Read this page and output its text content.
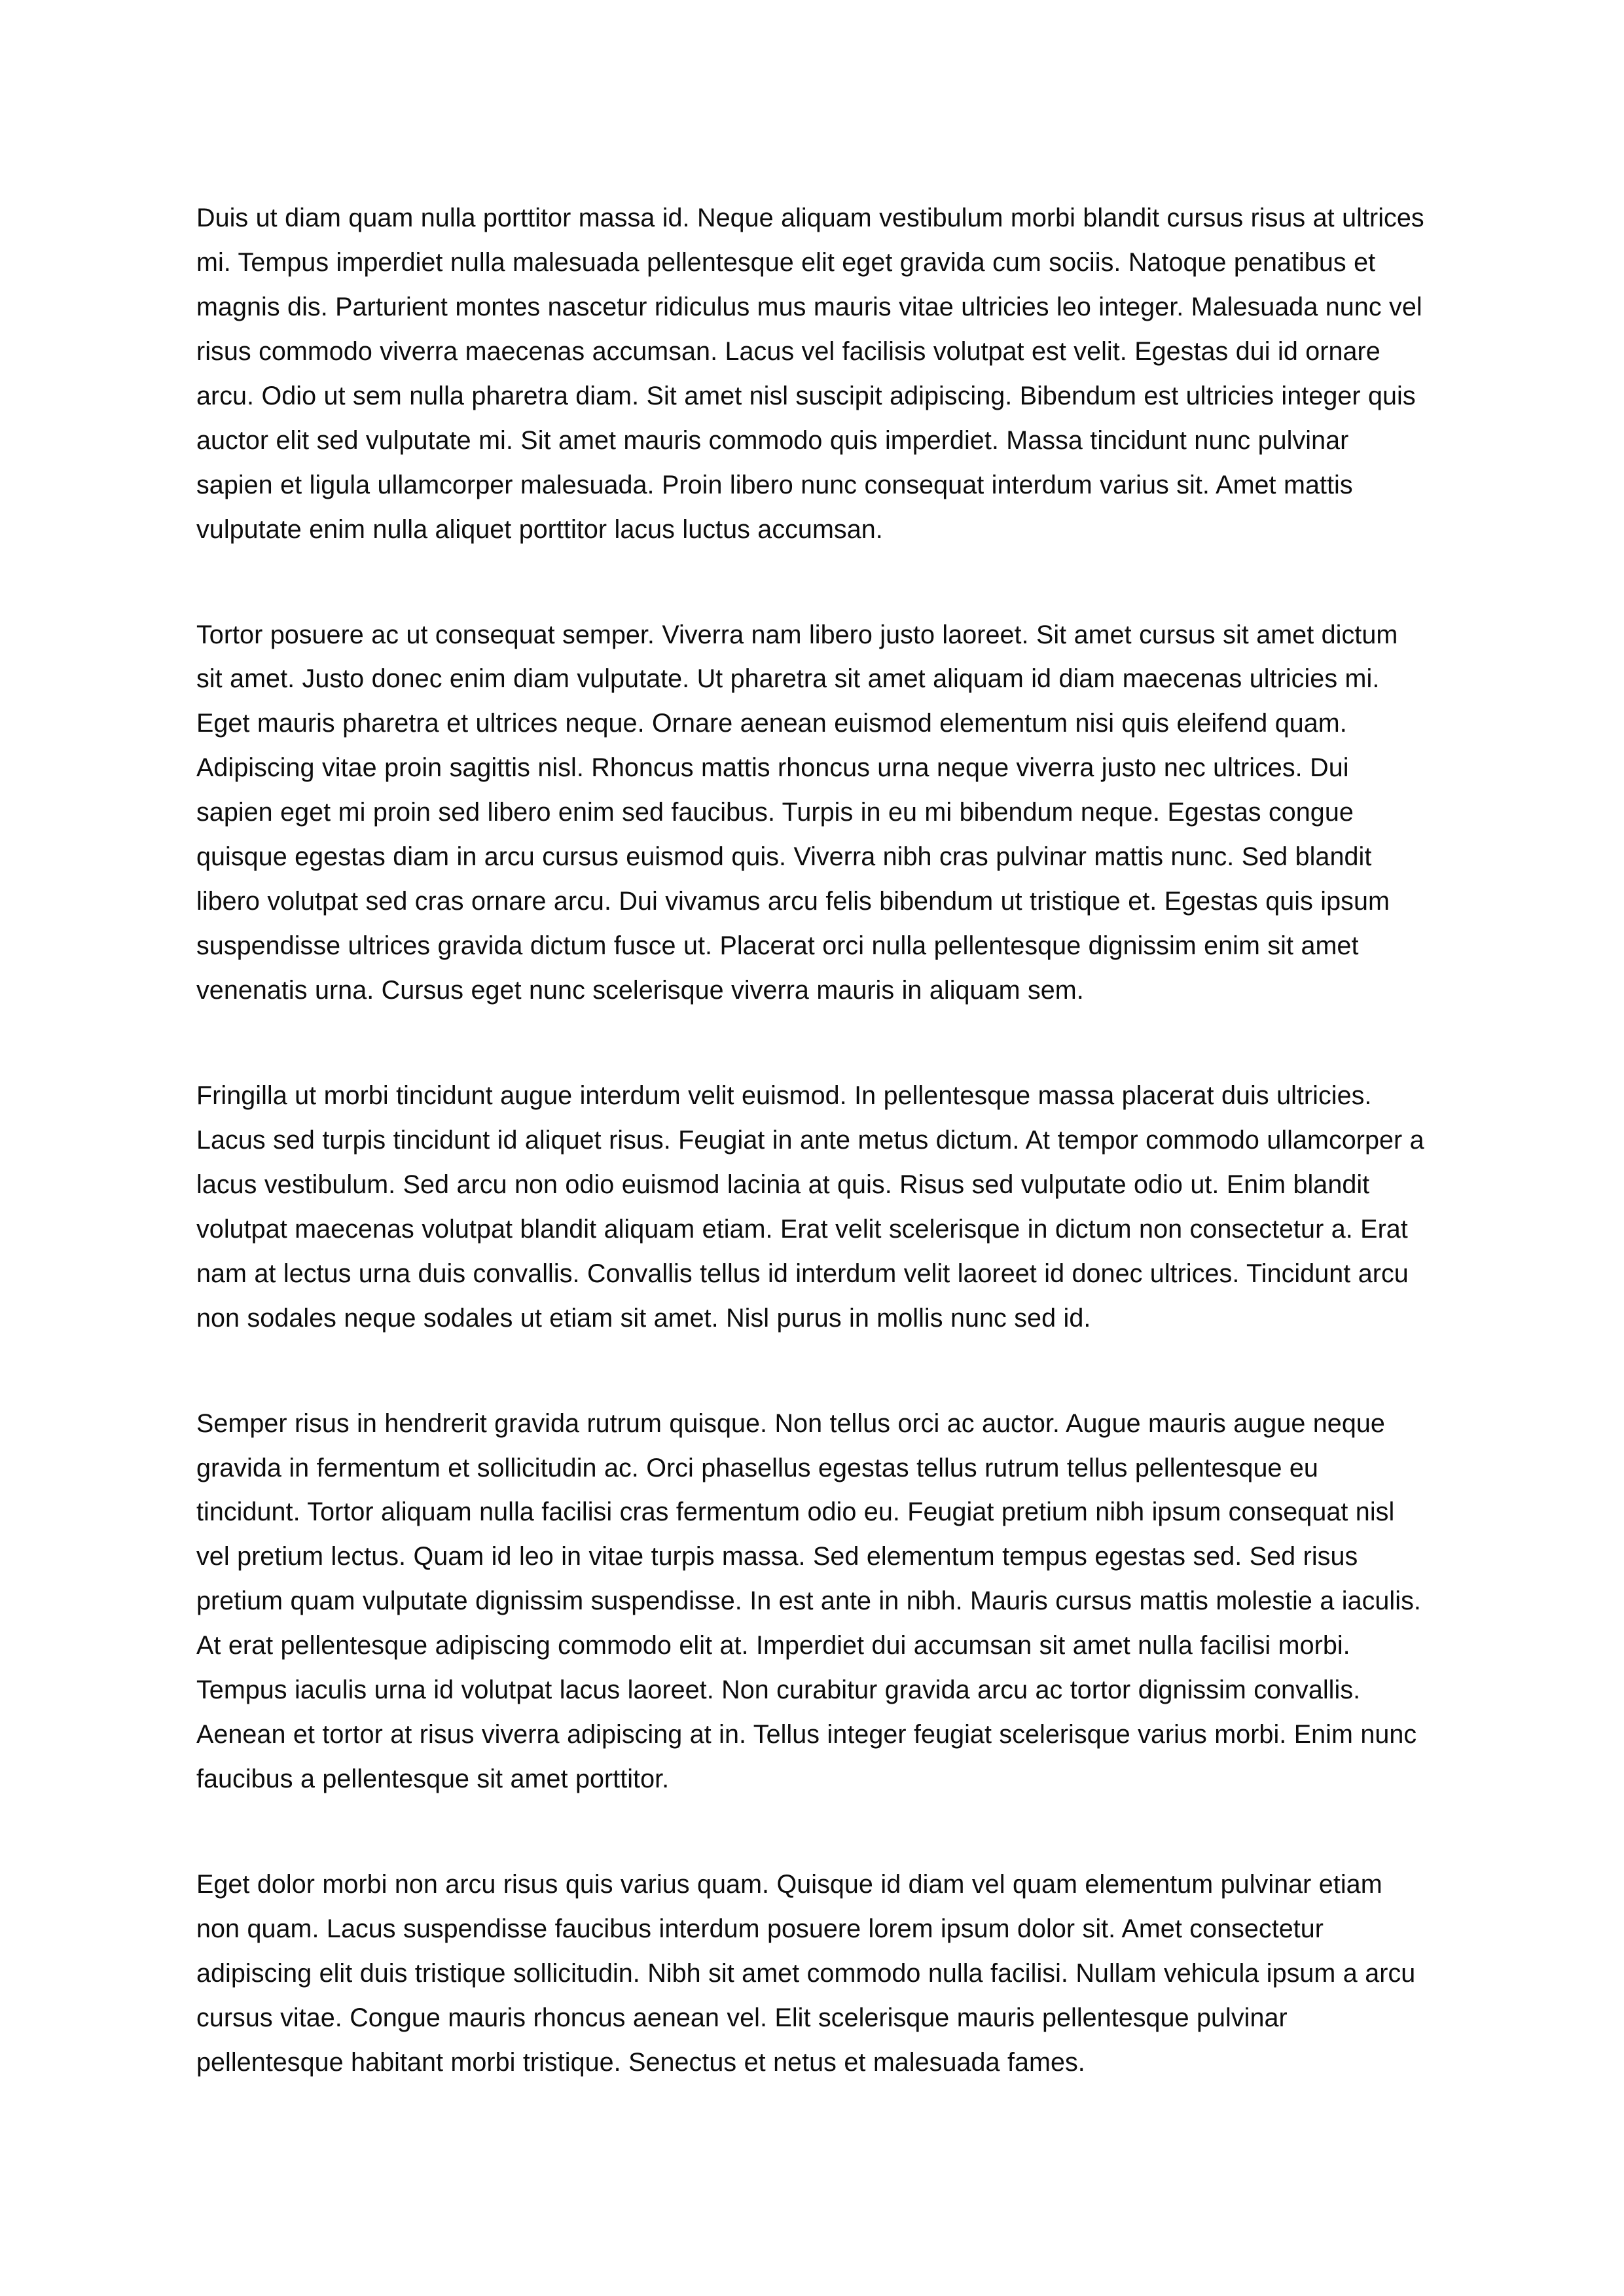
Duis ut diam quam nulla porttitor massa id. Neque aliquam vestibulum morbi blandit cursus risus at ultrices mi. Tempus imperdiet nulla malesuada pellentesque elit eget gravida cum sociis. Natoque penatibus et magnis dis. Parturient montes nascetur ridiculus mus mauris vitae ultricies leo integer. Malesuada nunc vel risus commodo viverra maecenas accumsan. Lacus vel facilisis volutpat est velit. Egestas dui id ornare arcu. Odio ut sem nulla pharetra diam. Sit amet nisl suscipit adipiscing. Bibendum est ultricies integer quis auctor elit sed vulputate mi. Sit amet mauris commodo quis imperdiet. Massa tincidunt nunc pulvinar sapien et ligula ullamcorper malesuada. Proin libero nunc consequat interdum varius sit. Amet mattis vulputate enim nulla aliquet porttitor lacus luctus accumsan.

Tortor posuere ac ut consequat semper. Viverra nam libero justo laoreet. Sit amet cursus sit amet dictum sit amet. Justo donec enim diam vulputate. Ut pharetra sit amet aliquam id diam maecenas ultricies mi. Eget mauris pharetra et ultrices neque. Ornare aenean euismod elementum nisi quis eleifend quam. Adipiscing vitae proin sagittis nisl. Rhoncus mattis rhoncus urna neque viverra justo nec ultrices. Dui sapien eget mi proin sed libero enim sed faucibus. Turpis in eu mi bibendum neque. Egestas congue quisque egestas diam in arcu cursus euismod quis. Viverra nibh cras pulvinar mattis nunc. Sed blandit libero volutpat sed cras ornare arcu. Dui vivamus arcu felis bibendum ut tristique et. Egestas quis ipsum suspendisse ultrices gravida dictum fusce ut. Placerat orci nulla pellentesque dignissim enim sit amet venenatis urna. Cursus eget nunc scelerisque viverra mauris in aliquam sem.

Fringilla ut morbi tincidunt augue interdum velit euismod. In pellentesque massa placerat duis ultricies. Lacus sed turpis tincidunt id aliquet risus. Feugiat in ante metus dictum. At tempor commodo ullamcorper a lacus vestibulum. Sed arcu non odio euismod lacinia at quis. Risus sed vulputate odio ut. Enim blandit volutpat maecenas volutpat blandit aliquam etiam. Erat velit scelerisque in dictum non consectetur a. Erat nam at lectus urna duis convallis. Convallis tellus id interdum velit laoreet id donec ultrices. Tincidunt arcu non sodales neque sodales ut etiam sit amet. Nisl purus in mollis nunc sed id.

Semper risus in hendrerit gravida rutrum quisque. Non tellus orci ac auctor. Augue mauris augue neque gravida in fermentum et sollicitudin ac. Orci phasellus egestas tellus rutrum tellus pellentesque eu tincidunt. Tortor aliquam nulla facilisi cras fermentum odio eu. Feugiat pretium nibh ipsum consequat nisl vel pretium lectus. Quam id leo in vitae turpis massa. Sed elementum tempus egestas sed. Sed risus pretium quam vulputate dignissim suspendisse. In est ante in nibh. Mauris cursus mattis molestie a iaculis. At erat pellentesque adipiscing commodo elit at. Imperdiet dui accumsan sit amet nulla facilisi morbi. Tempus iaculis urna id volutpat lacus laoreet. Non curabitur gravida arcu ac tortor dignissim convallis. Aenean et tortor at risus viverra adipiscing at in. Tellus integer feugiat scelerisque varius morbi. Enim nunc faucibus a pellentesque sit amet porttitor.

Eget dolor morbi non arcu risus quis varius quam. Quisque id diam vel quam elementum pulvinar etiam non quam. Lacus suspendisse faucibus interdum posuere lorem ipsum dolor sit. Amet consectetur adipiscing elit duis tristique sollicitudin. Nibh sit amet commodo nulla facilisi. Nullam vehicula ipsum a arcu cursus vitae. Congue mauris rhoncus aenean vel. Elit scelerisque mauris pellentesque pulvinar pellentesque habitant morbi tristique. Senectus et netus et malesuada fames.
